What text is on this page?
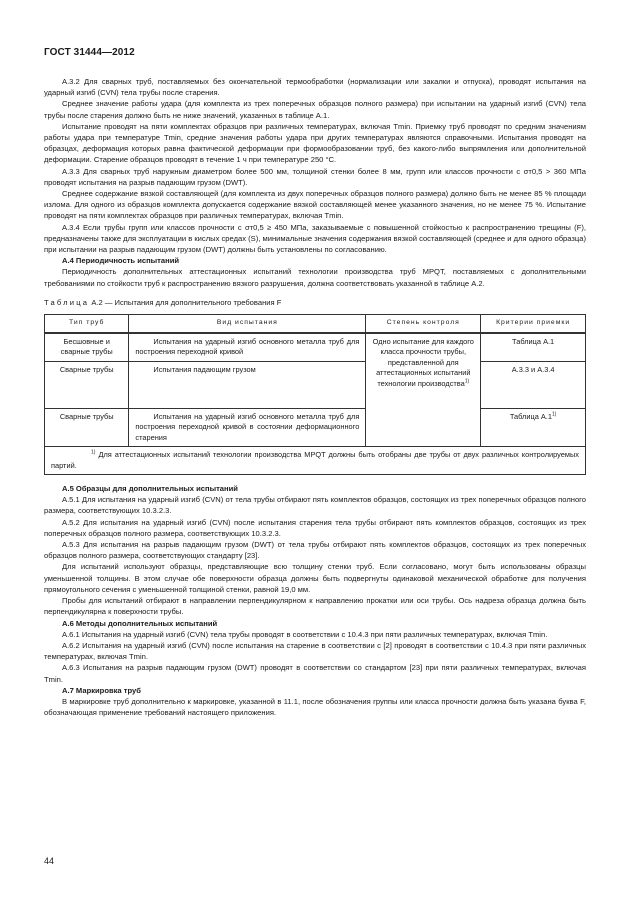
ГОСТ 31444—2012

A.3.2 Для сварных труб, поставляемых без окончательной термообработки (нормализации или закалки и отпуска), проводят испытания на ударный изгиб (CVN) тела трубы после старения.

Среднее значение работы удара (для комплекта из трех поперечных образцов полного размера) при испытании на ударный изгиб (CVN) тела трубы после старения должно быть не ниже значений, указанных в таблице А.1.

Испытание проводят на пяти комплектах образцов при различных температурах, включая Tmin. Приемку труб проводят по средним значениям работы удара при температуре Tmin, средние значения работы удара при других температурах являются справочными. Испытания проводят на образцах, деформация которых равна фактической деформации при формообразовании труб, без какого-либо выпрямления или дополнительной деформации. Старение образцов проводят в течение 1 ч при температуре 250 °С.

А.3.3 Для сварных труб наружным диаметром более 500 мм, толщиной стенки более 8 мм, групп или классов прочности с σт0,5 > 360 МПа проводят испытания на разрыв падающим грузом (DWT).

Среднее содержание вязкой составляющей (для комплекта из двух поперечных образцов полного размера) должно быть не менее 85 % площади излома. Для одного из образцов комплекта допускается содержание вязкой составляющей менее указанного значения, но не менее 75 %. Испытание проводят на пяти комплектах образцов при различных температурах, включая Tmin.

А.3.4 Если трубы групп или классов прочности с σт0,5 ≥ 450 МПа, заказываемые с повышенной стойкостью к распространению трещины (F), предназначены также для эксплуатации в кислых средах (S), минимальные значения содержания вязкой составляющей (среднее и для одного образца) при испытании на разрыв падающим грузом (DWT) должны быть установлены по согласованию.

А.4 Периодичность испытаний

Периодичность дополнительных аттестационных испытаний технологии производства труб MPQT, поставляемых с дополнительными требованиями по стойкости труб к распространению вязкого разрушения, должна соответствовать указанной в таблице А.2.

Таблица А.2 — Испытания для дополнительного требования F
Тип труб	Вид испытания	Степень контроля	Критерии приемки
Бесшовные и сварные трубы	Испытания на ударный изгиб основного металла труб для построения переходной кривой	Одно испытание для каждого класса прочности трубы, представленной для аттестационных испытаний технологии производства$^{1)}$	Таблица А.1
Сварные трубы	Испытания падающим грузом		А.3.3 и А.3.4
Сварные трубы	Испытания на ударный изгиб основного металла труб для построения переходной кривой в состоянии деформационного старения		Таблица А.1$^{1)}$
$^{1)}$ Для аттестационных испытаний технологии производства MPQT должны быть отобраны две трубы от двух различных контролируемых партий.			

А.5 Образцы для дополнительных испытаний

А.5.1 Для испытания на ударный изгиб (CVN) от тела трубы отбирают пять комплектов образцов, состоящих из трех поперечных образцов полного размера, соответствующих 10.3.2.3.

А.5.2 Для испытания на ударный изгиб (CVN) после испытания старения тела трубы отбирают пять комплектов образцов, состоящих из трех поперечных образцов полного размера, соответствующих 10.3.2.3.

А.5.3 Для испытания на разрыв падающим грузом (DWT) от тела трубы отбирают пять комплектов образцов, состоящих из трех поперечных образцов полного размера, соответствующих стандарту [23].

Для испытаний используют образцы, представляющие всю толщину стенки труб. Если согласовано, могут быть использованы образцы уменьшенной толщины. В этом случае обе поверхности образца должны быть подвергнуты одинаковой механической обработке для получения прямоугольного сечения с уменьшенной толщиной стенки, равной 19,0 мм.

Пробы для испытаний отбирают в направлении перпендикулярном к направлению прокатки или оси трубы. Ось надреза образца должна быть перпендикулярна к поверхности трубы.

А.6 Методы дополнительных испытаний

А.6.1 Испытания на ударный изгиб (CVN) тела трубы проводят в соответствии с 10.4.3 при пяти различных температурах, включая Tmin.

А.6.2 Испытания на ударный изгиб (CVN) после испытания на старение в соответствии с [2] проводят в соответствии с 10.4.3 при пяти различных температурах, включая Tmin.

А.6.3 Испытания на разрыв падающим грузом (DWT) проводят в соответствии со стандартом [23] при пяти различных температурах, включая Tmin.

А.7 Маркировка труб

В маркировке труб дополнительно к маркировке, указанной в 11.1, после обозначения группы или класса прочности должна быть указана буква F, обозначающая применение требований настоящего приложения.

44
